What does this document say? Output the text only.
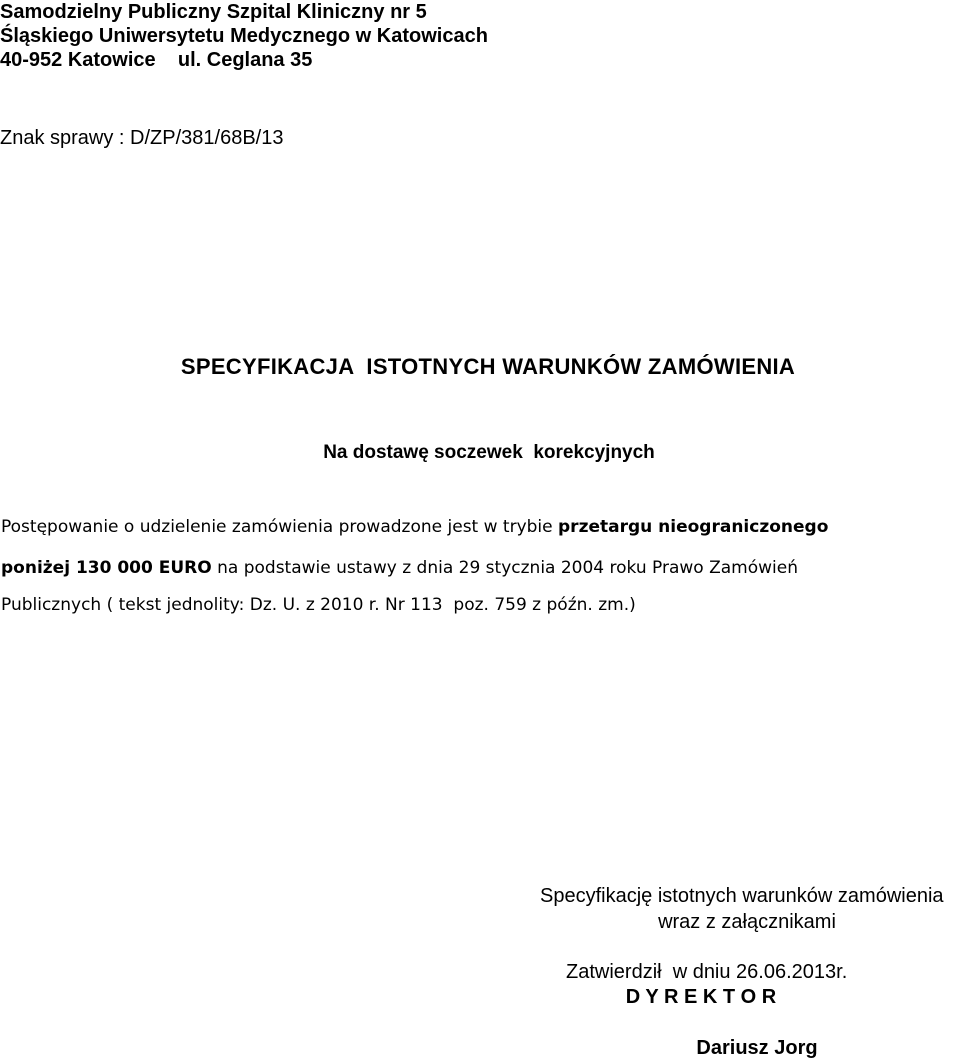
Samodzielny Publiczny Szpital Kliniczny nr 5
Śląskiego Uniwersytetu Medycznego w Katowicach
40-952 Katowice    ul. Ceglana 35
Znak sprawy : D/ZP/381/68B/13
SPECYFIKACJA  ISTOTNYCH WARUNKÓW ZAMÓWIENIA
Na dostawę soczewek  korekcyjnych
Postępowanie o udzielenie zamówienia prowadzone jest w trybie przetargu nieograniczonego
poniżej 130 000 EURO na podstawie ustawy z dnia 29 stycznia 2004 roku Prawo Zamówień
Publicznych ( tekst jednolity: Dz. U. z 2010 r. Nr 113  poz. 759 z późn. zm.)
Specyfikację istotnych warunków zamówienia
wraz z załącznikami
Zatwierdził  w dniu 26.06.2013r.
D Y R E K T O R
Dariusz Jorg
